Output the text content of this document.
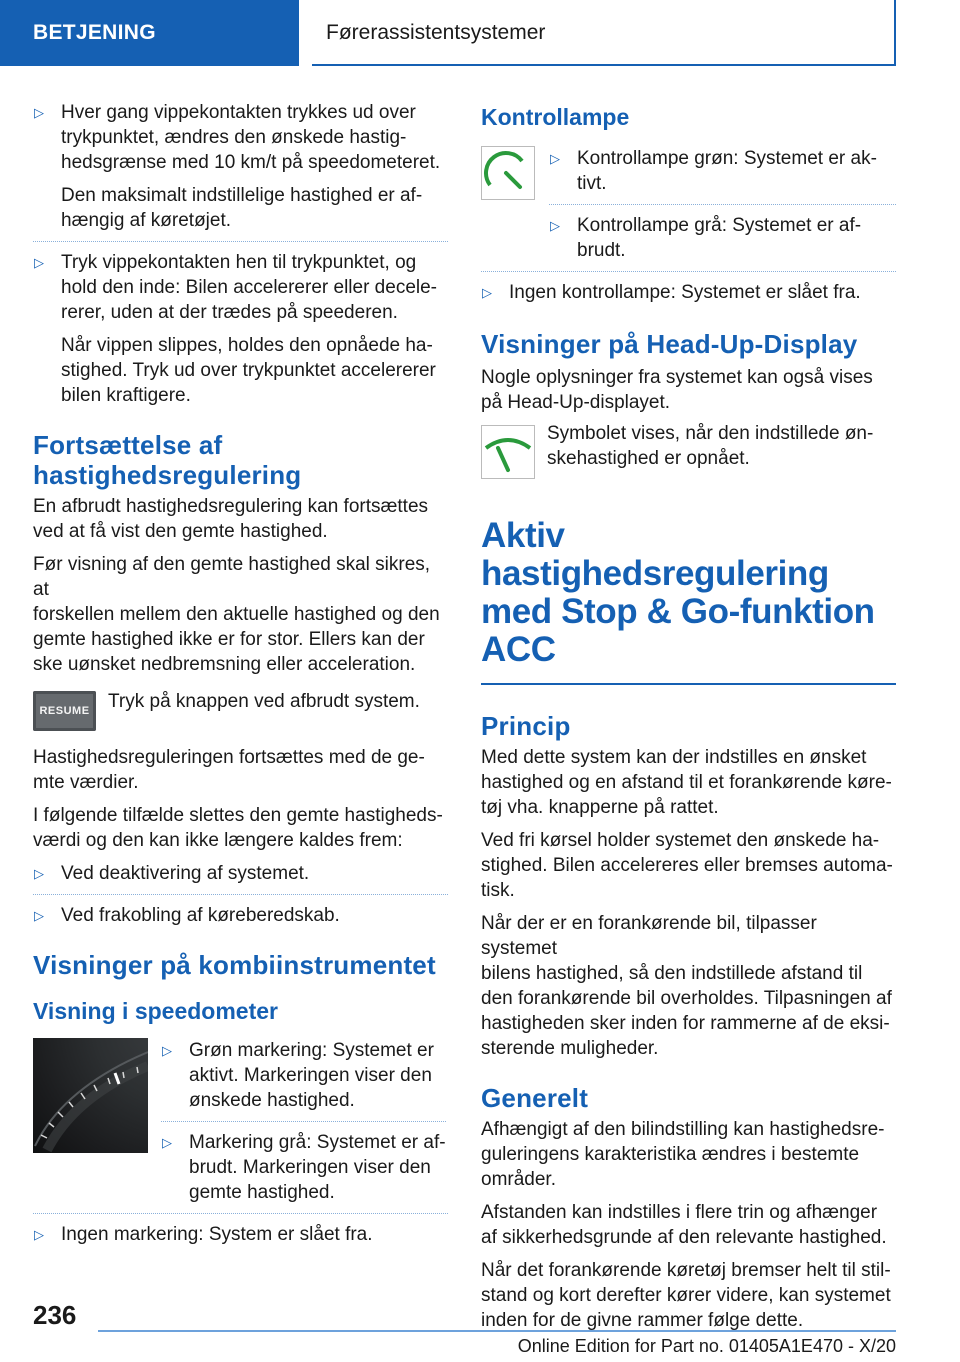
BETJENING	Førerassistentsystemer
▷ Hver gang vippekontakten trykkes ud over
trykpunktet, ændres den ønskede hastig-
hedsgrænse med 10 km/t på speedometeret.
Den maksimalt indstillelige hastighed er af-
hængig af køretøjet.
▷ Tryk vippekontakten hen til trykpunktet, og
hold den inde: Bilen accelererer eller decele-
rerer, uden at der trædes på speederen.
Når vippen slippes, holdes den opnåede ha-
stighed. Tryk ud over trykpunktet accelererer
bilen kraftigere.
Fortsættelse af
hastighedsregulering

En afbrudt hastighedsregulering kan fortsættes
ved at få vist den gemte hastighed.

Før visning af den gemte hastighed skal sikres, at
forskellen mellem den aktuelle hastighed og den
gemte hastighed ikke er for stor. Ellers kan der
ske uønsket nedbremsning eller acceleration.

RESUME Tryk på knappen ved afbrudt system.

Hastighedsreguleringen fortsættes med de ge-
mte værdier.

I følgende tilfælde slettes den gemte hastigheds-
værdi og den kan ikke længere kaldes frem:

▷ Ved deaktivering af systemet.
▷ Ved frakobling af køreberedskab.
Visninger på kombiinstrumentet
Visning i speedometer
▷ Grøn markering: Systemet er
aktivt. Markeringen viser den
ønskede hastighed.
▷ Markering grå: Systemet er af-
brudt. Markeringen viser den
gemte hastighed.
▷ Ingen markering: System er slået fra.
Kontrollampe
▷ Kontrollampe grøn: Systemet er ak-
tivt.
▷ Kontrollampe grå: Systemet er af-
brudt.
▷ Ingen kontrollampe: Systemet er slået fra.
Visninger på Head-Up-Display

Nogle oplysninger fra systemet kan også vises
på Head-Up-displayet.

Symbolet vises, når den indstillede øn-
skehastighed er opnået.

Aktiv hastighedsregulering
med Stop & Go-funktion
ACC
Princip

Med dette system kan der indstilles en ønsket
hastighed og en afstand til et forankørende køre-
tøj vha. knapperne på rattet.

Ved fri kørsel holder systemet den ønskede ha-
stighed. Bilen accelereres eller bremses automa-
tisk.

Når der er en forankørende bil, tilpasser systemet
bilens hastighed, så den indstillede afstand til
den forankørende bil overholdes. Tilpasningen af
hastigheden sker inden for rammerne af de eksi-
sterende muligheder.

Generelt

Afhængigt af den bilindstilling kan hastighedsre-
guleringens karakteristika ændres i bestemte
områder.

Afstanden kan indstilles i flere trin og afhænger
af sikkerhedsgrunde af den relevante hastighed.

Når det forankørende køretøj bremser helt til stil-
stand og kort derefter kører videre, kan systemet
inden for de givne rammer følge dette.

236
Online Edition for Part no. 01405A1E470 - X/20
